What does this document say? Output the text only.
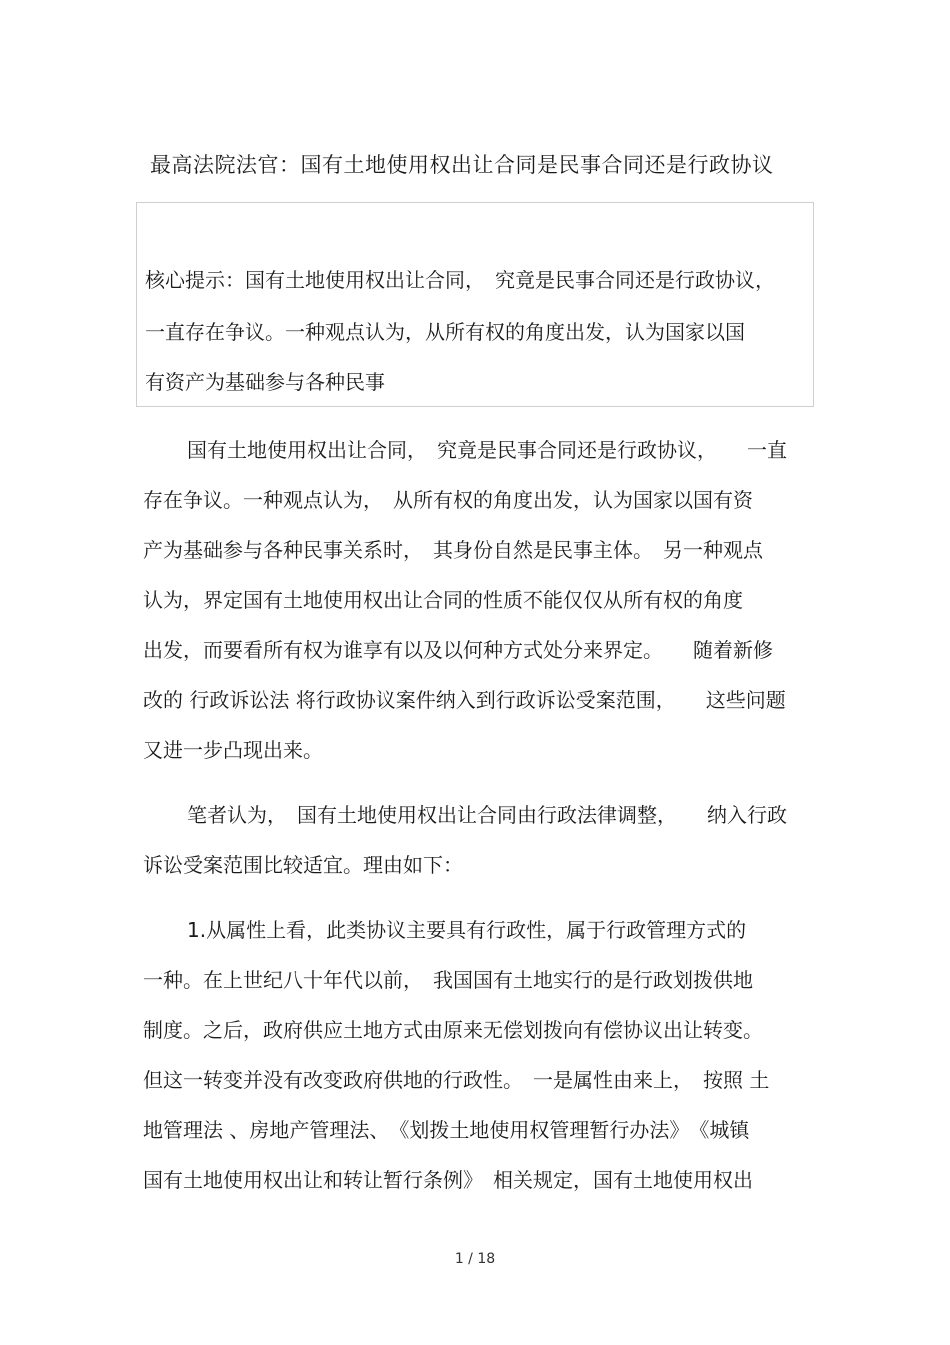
最高法院法官：国有土地使用权出让合同是民事合同还是行政协议
核心提示：国有土地使用权出让合同，　究竟是民事合同还是行政协议，
一直存在争议。一种观点认为，从所有权的角度出发，认为国家以国
有资产为基础参与各种民事
国有土地使用权出让合同，　究竟是民事合同还是行政协议，　　一直
存在争议。一种观点认为，　从所有权的角度出发，认为国家以国有资
产为基础参与各种民事关系时，　其身份自然是民事主体。　另一种观点
认为，界定国有土地使用权出让合同的性质不能仅仅从所有权的角度
出发，而要看所有权为谁享有以及以何种方式处分来界定。　　随着新修
改的 行政诉讼法 将行政协议案件纳入到行政诉讼受案范围，　　这些问题
又进一步凸现出来。
笔者认为，　国有土地使用权出让合同由行政法律调整，　　纳入行政
诉讼受案范围比较适宜。理由如下：
1.从属性上看，此类协议主要具有行政性，属于行政管理方式的
一种。在上世纪八十年代以前，　我国国有土地实行的是行政划拨供地
制度。之后，政府供应土地方式由原来无偿划拨向有偿协议出让转变。
但这一转变并没有改变政府供地的行政性。　一是属性由来上，　按照 土
地管理法 、房地产管理法、　《划拨土地使用权管理暂行办法》　《城镇
国有土地使用权出让和转让暂行条例》　相关规定，国有土地使用权出
1 / 18
